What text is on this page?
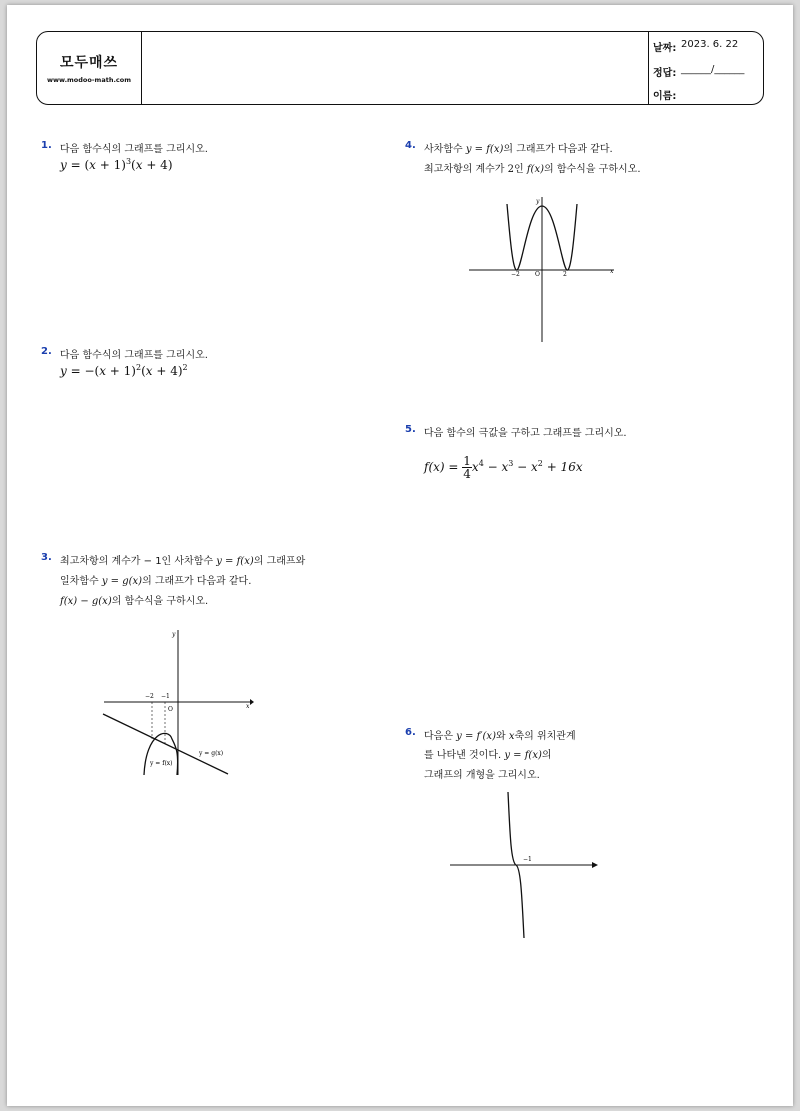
모두매쓰
www.modoo-math.com
날짜: 2023. 6. 22
정답: ______/______
이름:
1. 다음 함수식의 그래프를 그리시오.
$y = (x + 1)^3(x + 4)$
2. 다음 함수식의 그래프를 그리시오.
$y = -(x + 1)^2(x + 4)^2$
3. 최고차항의 계수가 − 1인 사차함수 y = f(x)의 그래프와
일차함수 y = g(x)의 그래프가 다음과 같다.
f(x) − g(x)의 함수식을 구하시오.
y
x
O
−2 −1
y = g(x)
y = f(x)
4. 사차함수 y = f(x)의 그래프가 다음과 같다.
최고차항의 계수가 2인 f(x)의 함수식을 구하시오.
y
x
O
−2	2
5. 다음 함수의 극값을 구하고 그래프를 그리시오.
$f(x) = \frac{1}{4} x^4 - x^3 - x^2 + 16x$
6. 다음은 y = f′(x)와 x축의 위치관계
를 나타낸 것이다. y = f(x)의
그래프의 개형을 그리시오.
−1
